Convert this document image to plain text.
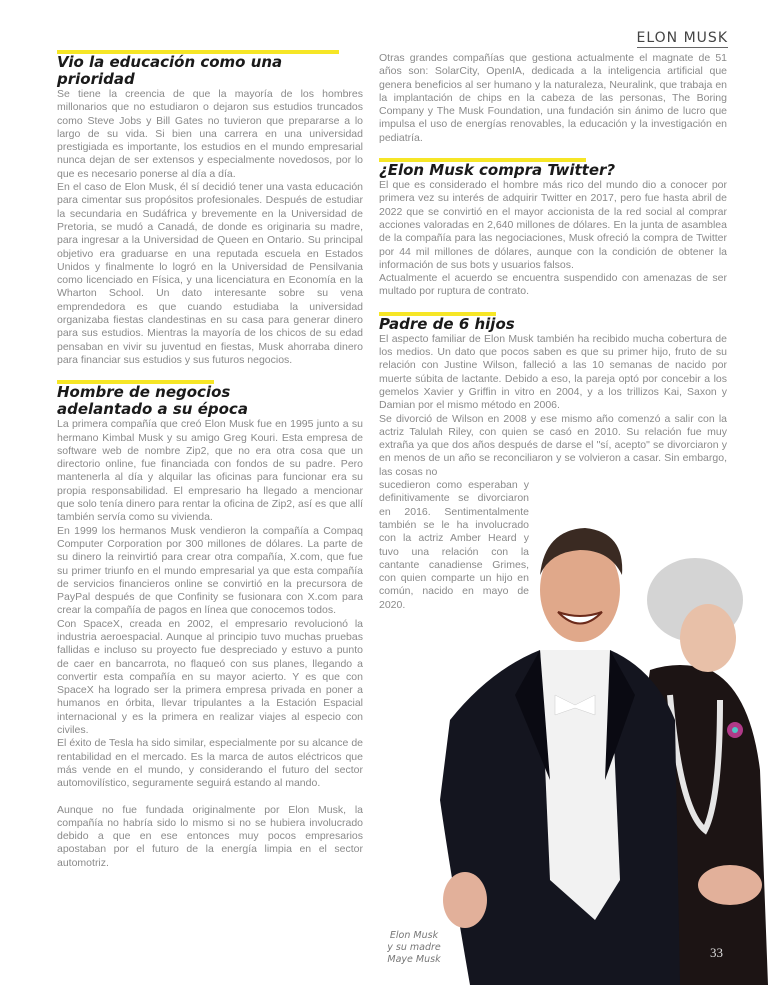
ELON MUSK
Vio la educación como una prioridad

Se tiene la creencia de que la mayoría de los hombres millonarios que no estudiaron o dejaron sus estudios truncados como Steve Jobs y Bill Gates no tuvieron que prepararse a lo largo de su vida. Si bien una carrera en una universidad prestigiada es importante, los estudios en el mundo empresarial nunca dejan de ser extensos y especialmente novedosos, por lo que es necesario ponerse al día a día.

En el caso de Elon Musk, él sí decidió tener una vasta educación para cimentar sus propósitos profesionales. Después de estudiar la secundaria en Sudáfrica y brevemente en la Universidad de Pretoria, se mudó a Canadá, de donde es originaria su madre, para ingresar a la Universidad de Queen en Ontario. Su principal objetivo era graduarse en una reputada escuela en Estados Unidos y finalmente lo logró en la Universidad de Pensilvania como licenciado en Física, y una licenciatura en Economía en la Wharton School. Un dato interesante sobre su vena emprendedora es que cuando estudiaba la universidad organizaba fiestas clandestinas en su casa para generar dinero para sus estudios. Mientras la mayoría de los chicos de su edad pensaban en vivir su juventud en fiestas, Musk ahorraba dinero para financiar sus estudios y sus futuros negocios.

Hombre de negocios
adelantado a su época

La primera compañía que creó Elon Musk fue en 1995 junto a su hermano Kimbal Musk y su amigo Greg Kouri. Esta empresa de software web de nombre Zip2, que no era otra cosa que un directorio online, fue financiada con fondos de su padre. Pero mantenerla al día y alquilar las oficinas para funcionar era su propia responsabilidad. El empresario ha llegado a mencionar que solo tenía dinero para rentar la oficina de Zip2, así es que allí también servía como su vivienda.

En 1999 los hermanos Musk vendieron la compañía a Compaq Computer Corporation por 300 millones de dólares. La parte de su dinero la reinvirtió para crear otra compañía, X.com, que fue su primer triunfo en el mundo empresarial ya que esta compañía de servicios financieros online se convirtió en la precursora de PayPal después de que Confinity se fusionara con X.com para crear la compañía de pagos en línea que conocemos todos.

Con SpaceX, creada en 2002, el empresario revolucionó la industria aeroespacial. Aunque al principio tuvo muchas pruebas fallidas e incluso su proyecto fue despreciado y estuvo a punto de caer en bancarrota, no flaqueó con sus planes, llegando a convertir esta compañía en su mayor acierto. Y es que con SpaceX ha logrado ser la primera empresa privada en poner a humanos en órbita, llevar tripulantes a la Estación Espacial internacional y es la primera en realizar viajes al especio con civiles.

El éxito de Tesla ha sido similar, especialmente por su alcance de rentabilidad en el mercado. Es la marca de autos eléctricos que más vende en el mundo, y considerando el futuro del sector automovilístico, seguramente seguirá estando al mando.

Aunque no fue fundada originalmente por Elon Musk, la compañía no habría sido lo mismo si no se hubiera involucrado debido a que en ese entonces muy pocos empresarios apostaban por el futuro de la energía limpia en el sector automotriz.

Otras grandes compañías que gestiona actualmente el magnate de 51 años son: SolarCity, OpenIA, dedicada a la inteligencia artificial que genera beneficios al ser humano y la naturaleza, Neuralink, que trabaja en la implantación de chips en la cabeza de las personas, The Boring Company y The Musk Foundation, una fundación sin ánimo de lucro que impulsa el uso de energías renovables, la educación y la investigación en pediatría.

¿Elon Musk compra Twitter?

El que es considerado el hombre más rico del mundo dio a conocer por primera vez su interés de adquirir Twitter en 2017, pero fue hasta abril de 2022 que se convirtió en el mayor accionista de la red social al comprar acciones valoradas en 2,640 millones de dólares. En la junta de asamblea de la compañía para las negociaciones, Musk ofreció la compra de Twitter por 44 mil millones de dólares, aunque con la condición de obtener la información de sus bots y usuarios falsos.

Actualmente el acuerdo se encuentra suspendido con amenazas de ser multado por ruptura de contrato.

Padre de 6 hijos

El aspecto familiar de Elon Musk también ha recibido mucha cobertura de los medios. Un dato que pocos saben es que su primer hijo, fruto de su relación con Justine Wilson, falleció a las 10 semanas de nacido por muerte súbita de lactante. Debido a eso, la pareja optó por concebir a los gemelos Xavier y Griffin in vitro en 2004, y a los trillizos Kai, Saxon y Damian por el mismo método en 2006.

Se divorció de Wilson en 2008 y ese mismo año comenzó a salir con la actriz Talulah Riley, con quien se casó en 2010. Su relación fue muy extraña ya que dos años después de darse el "sí, acepto" se divorciaron y en menos de un año se reconciliaron y se volvieron a casar. Sin embargo, las cosas no

sucedieron como esperaban y definitivamente se divorciaron en 2016. Sentimentalmente también se le ha involucrado con la actriz Amber Heard y tuvo una relación con la cantante canadiense Grimes, con quien comparte un hijo en común, nacido en mayo de 2020.

Elon Musk
y su madre
Maye Musk	33
